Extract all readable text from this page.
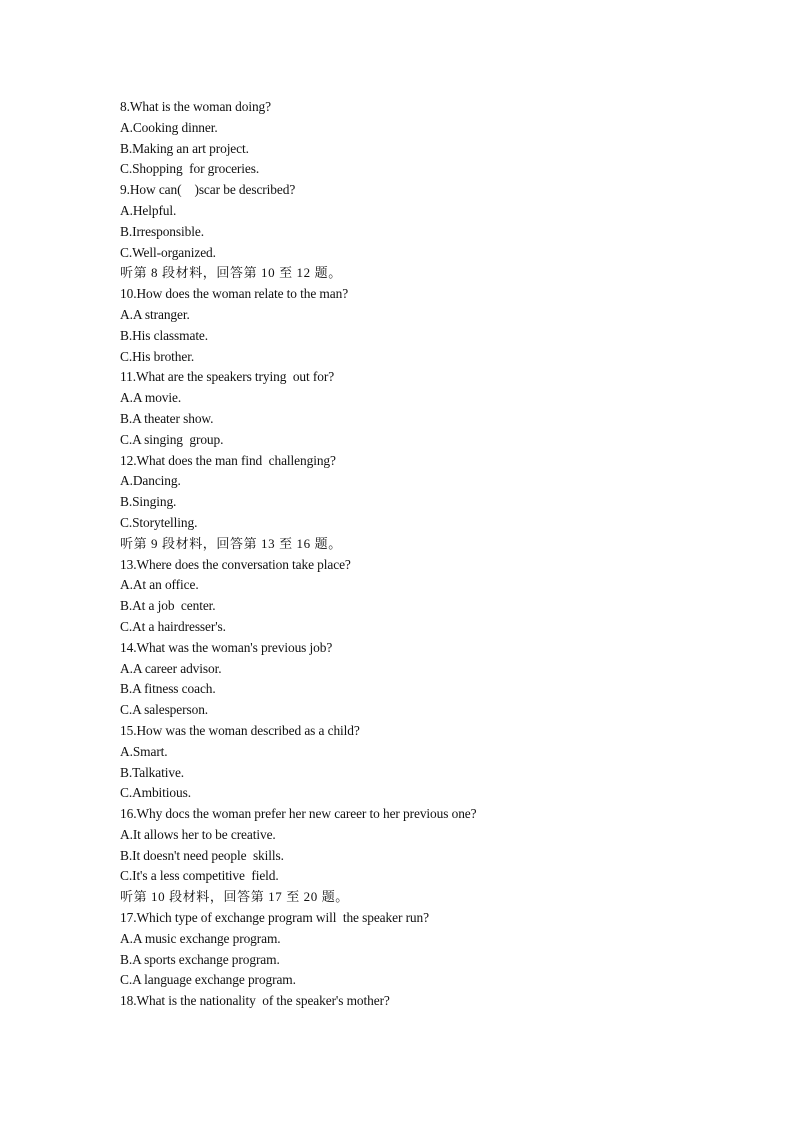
8.What is the woman doing?
A.Cooking dinner.
B.Making an art project.
C.Shopping  for groceries.
9.How can(    )scar be described?
A.Helpful.
B.Irresponsible.
C.Well-organized.
听第 8 段材料，回答第 10 至 12 题。
10.How does the woman relate to the man?
A.A stranger.
B.His classmate.
C.His brother.
11.What are the speakers trying  out for?
A.A movie.
B.A theater show.
C.A singing  group.
12.What does the man find  challenging?
A.Dancing.
B.Singing.
C.Storytelling.
听第 9 段材料，回答第 13 至 16 题。
13.Where does the conversation take place?
A.At an office.
B.At a job  center.
C.At a hairdresser's.
14.What was the woman's previous job?
A.A career advisor.
B.A fitness coach.
C.A salesperson.
15.How was the woman described as a child?
A.Smart.
B.Talkative.
C.Ambitious.
16.Why docs the woman prefer her new career to her previous one?
A.It allows her to be creative.
B.It doesn't need people  skills.
C.It's a less competitive  field.
听第 10 段材料，回答第 17 至 20 题。
17.Which type of exchange program will  the speaker run?
A.A music exchange program.
B.A sports exchange program.
C.A language exchange program.
18.What is the nationality  of the speaker's mother?
